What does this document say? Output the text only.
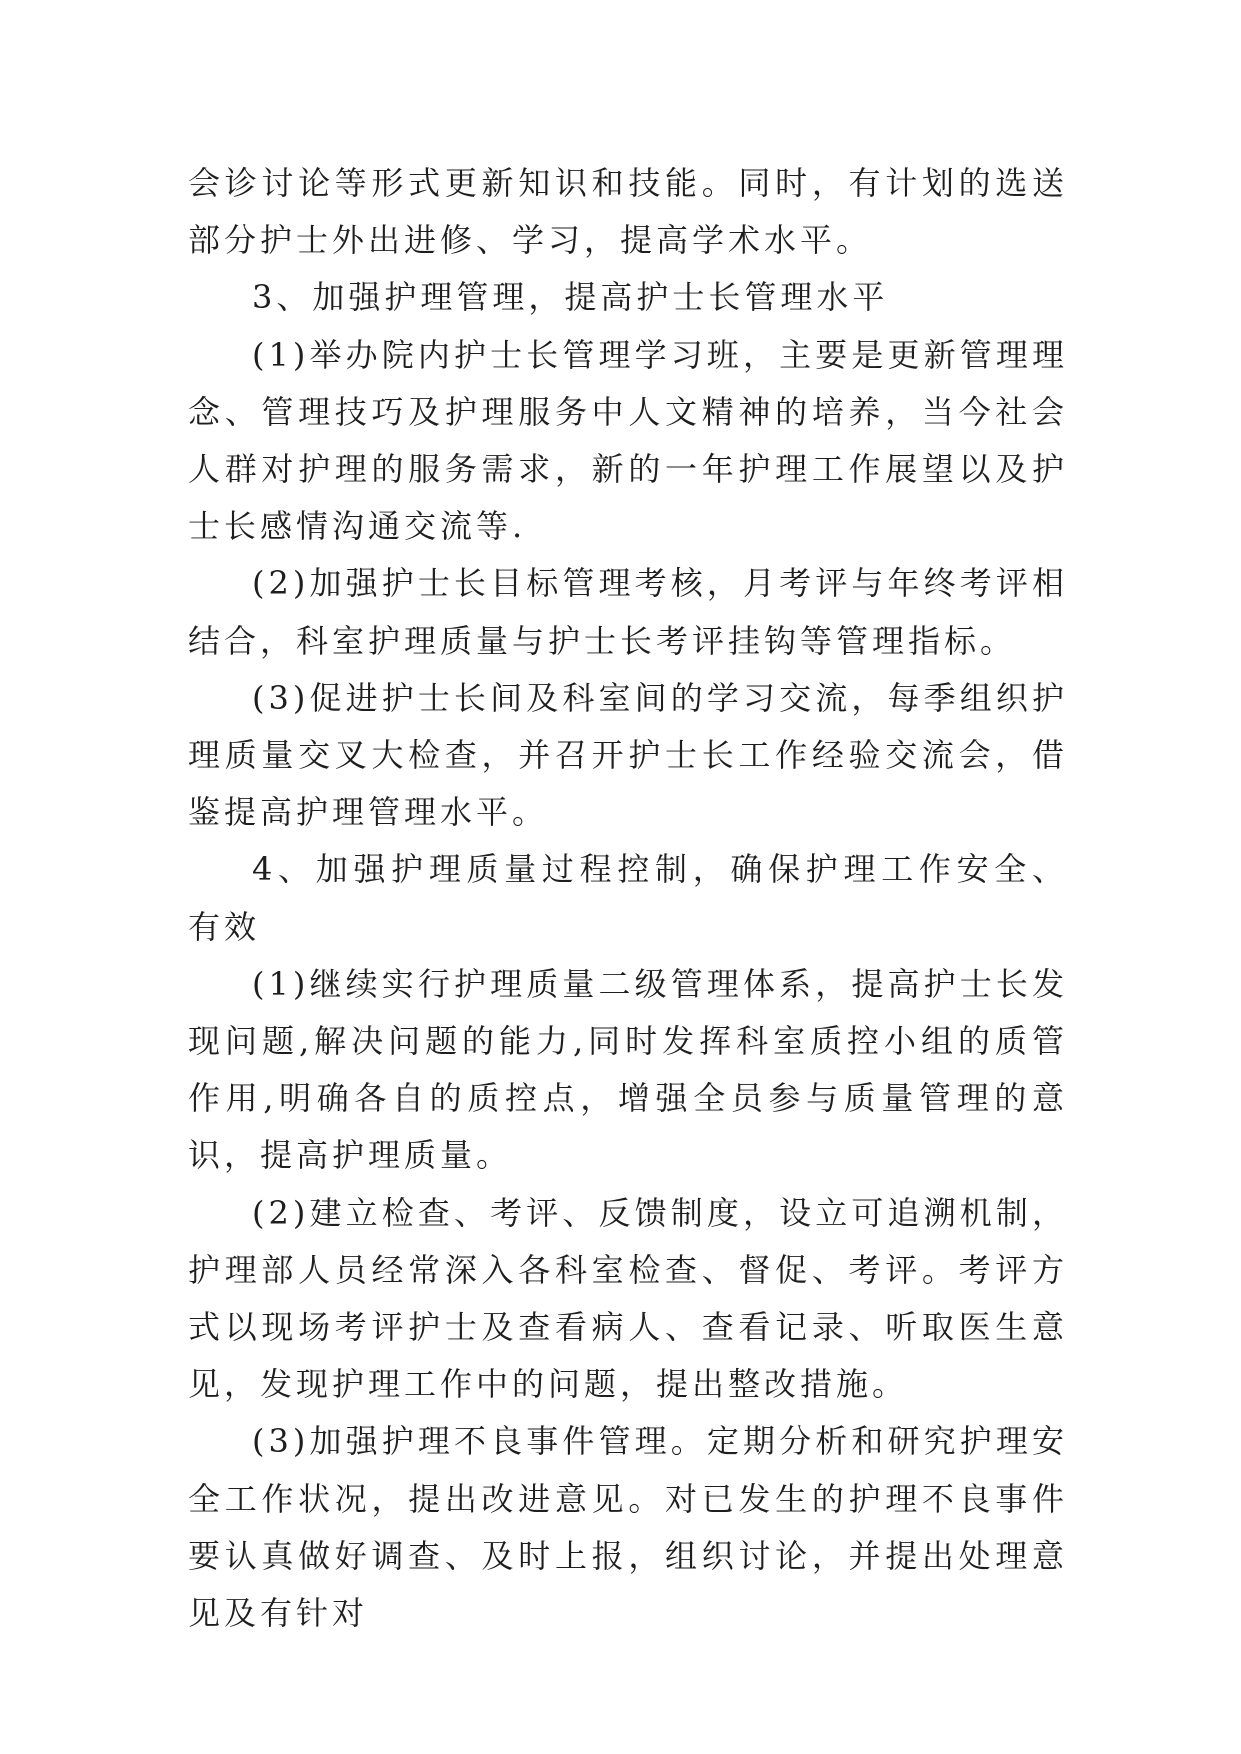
会诊讨论等形式更新知识和技能。同时，有计划的选送部分护士外出进修、学习，提高学术水平。

3、加强护理管理，提高护士长管理水平

(1)举办院内护士长管理学习班，主要是更新管理理念、管理技巧及护理服务中人文精神的培养，当今社会人群对护理的服务需求，新的一年护理工作展望以及护士长感情沟通交流等.

(2)加强护士长目标管理考核，月考评与年终考评相结合，科室护理质量与护士长考评挂钩等管理指标。

(3)促进护士长间及科室间的学习交流，每季组织护理质量交叉大检查，并召开护士长工作经验交流会，借鉴提高护理管理水平。

4、加强护理质量过程控制，确保护理工作安全、有效

(1)继续实行护理质量二级管理体系，提高护士长发现问题,解决问题的能力,同时发挥科室质控小组的质管作用,明确各自的质控点，增强全员参与质量管理的意识，提高护理质量。

(2)建立检查、考评、反馈制度，设立可追溯机制，护理部人员经常深入各科室检查、督促、考评。考评方式以现场考评护士及查看病人、查看记录、听取医生意见，发现护理工作中的问题，提出整改措施。

(3)加强护理不良事件管理。定期分析和研究护理安全工作状况，提出改进意见。对已发生的护理不良事件要认真做好调查、及时上报，组织讨论，并提出处理意见及有针对
